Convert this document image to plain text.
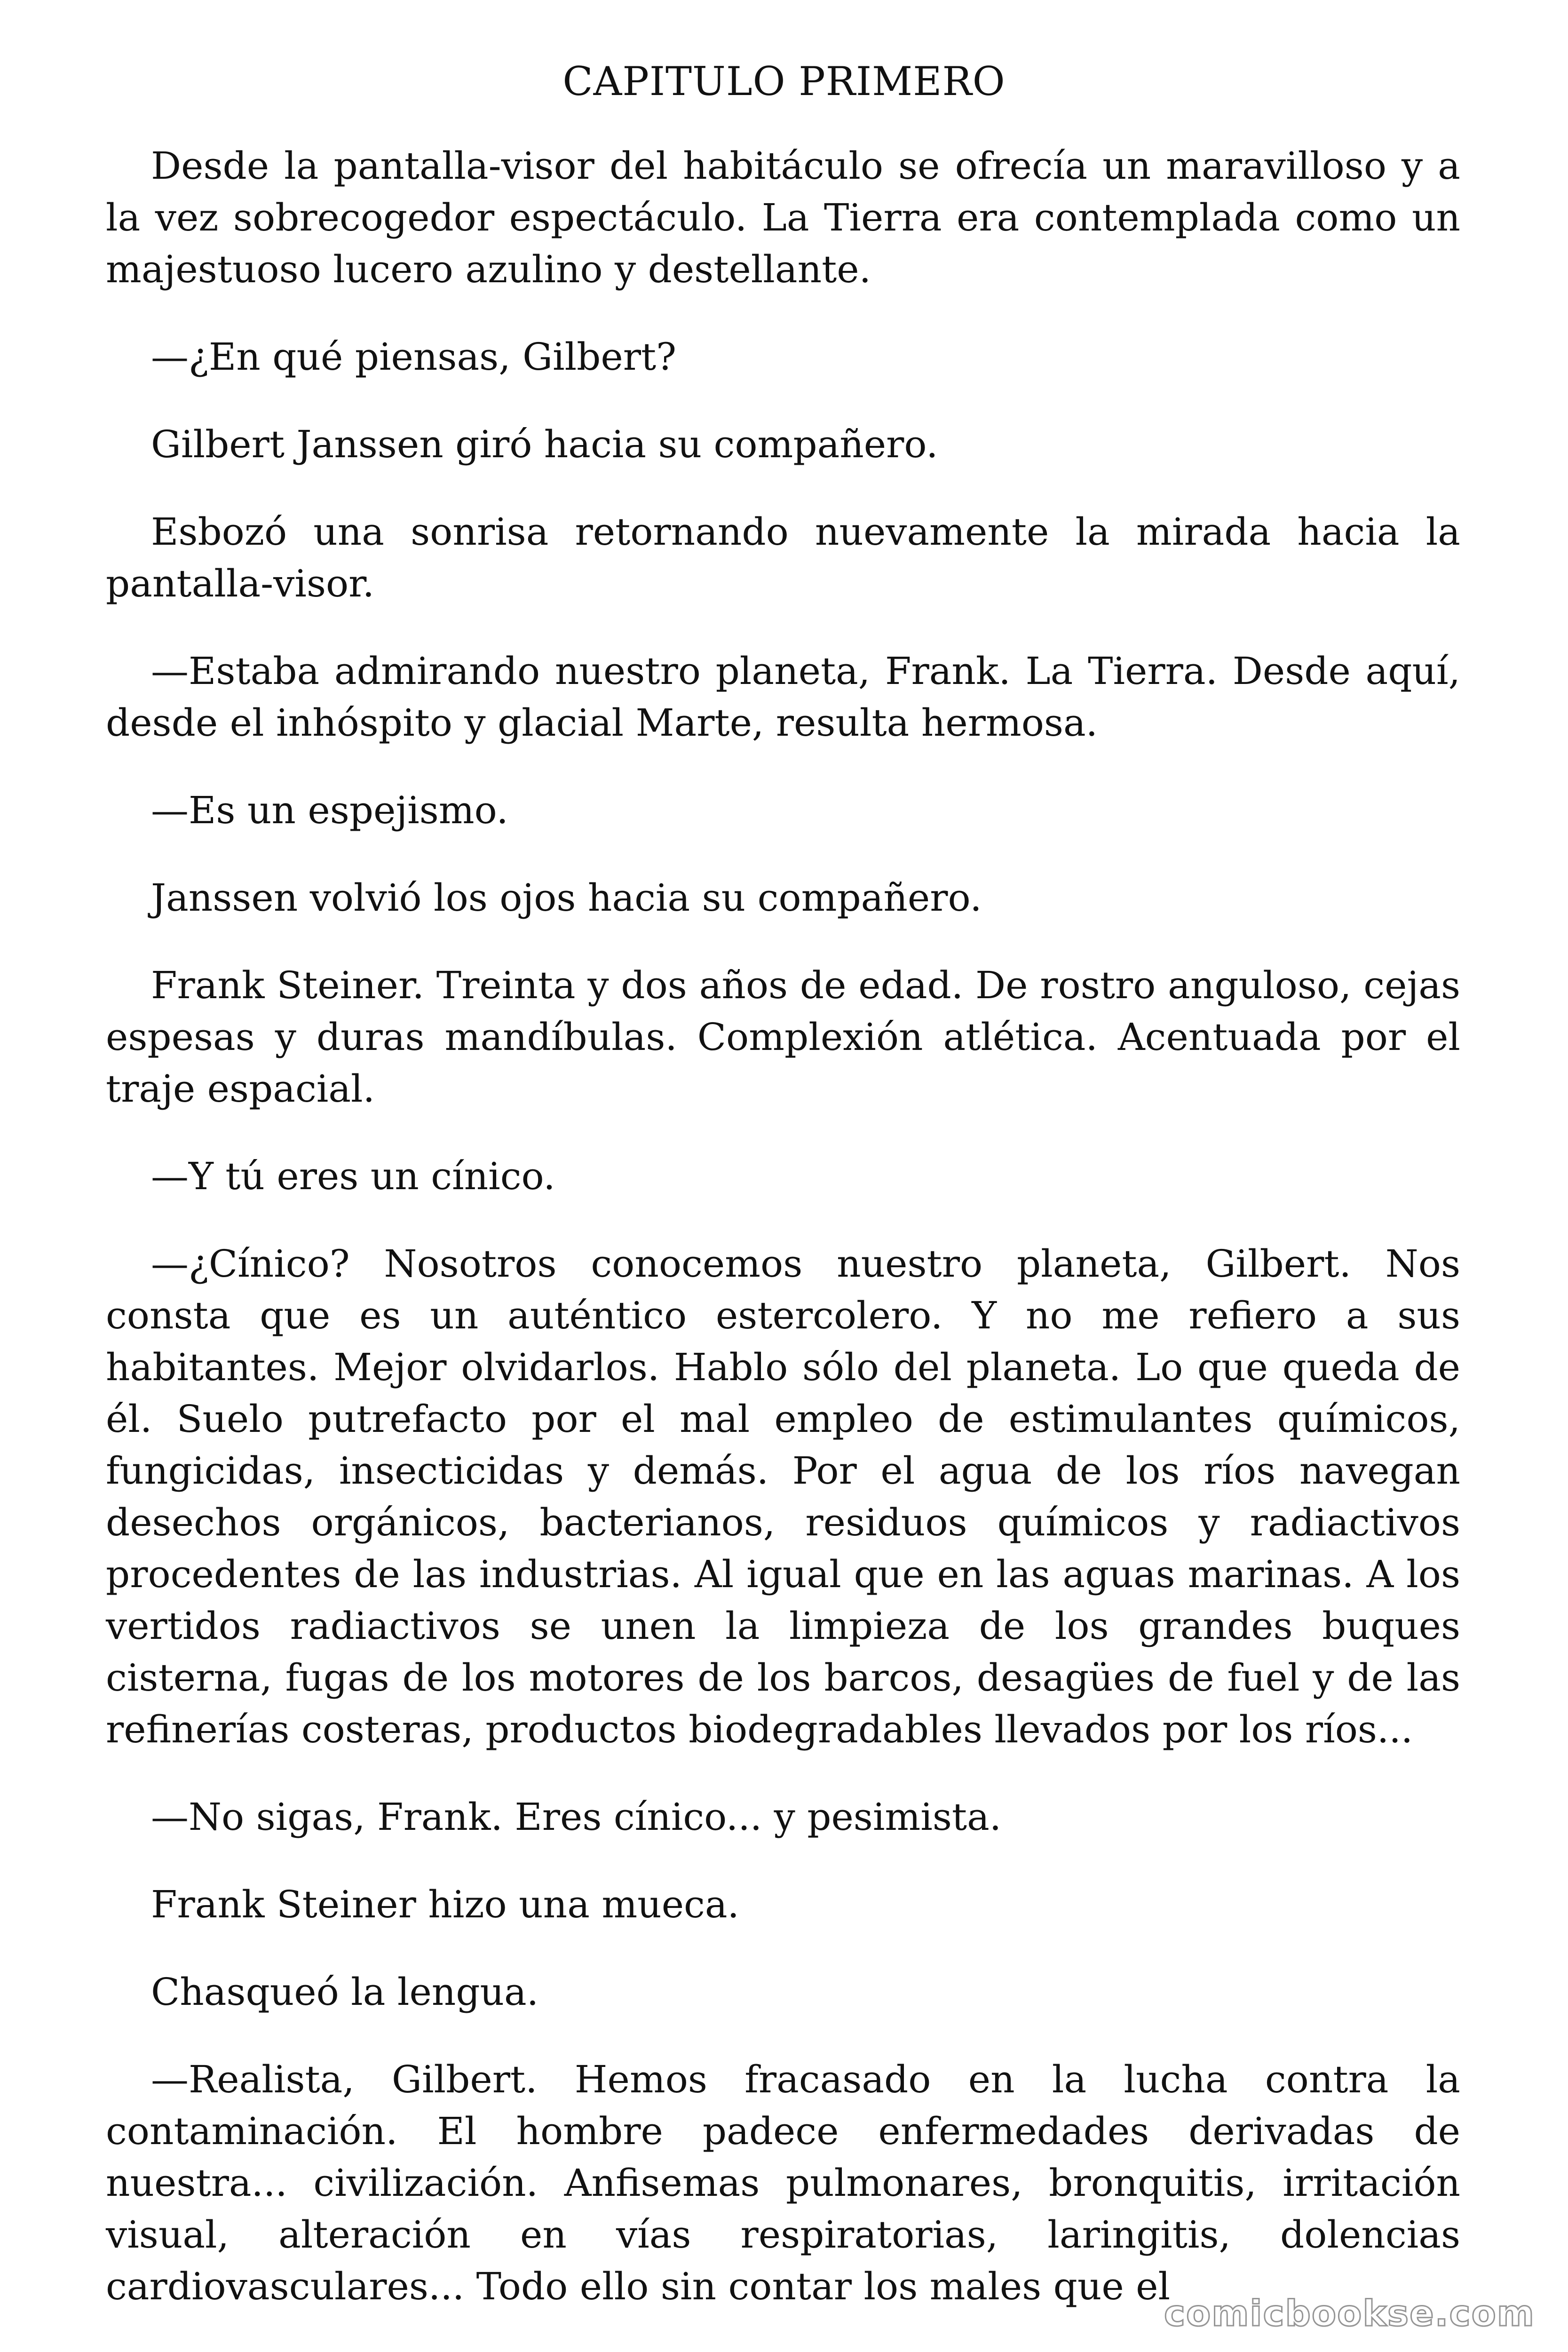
CAPITULO PRIMERO

Desde la pantalla-visor del habitáculo se ofrecía un maravilloso y a la vez sobrecogedor espectáculo. La Tierra era contemplada como un majestuoso lucero azulino y destellante.

—¿En qué piensas, Gilbert?

Gilbert Janssen giró hacia su compañero.

Esbozó una sonrisa retornando nuevamente la mirada hacia la pantalla-visor.

—Estaba admirando nuestro planeta, Frank. La Tierra. Desde aquí, desde el inhóspito y glacial Marte, resulta hermosa.

—Es un espejismo.

Janssen volvió los ojos hacia su compañero.

Frank Steiner. Treinta y dos años de edad. De rostro anguloso, cejas espesas y duras mandíbulas. Complexión atlética. Acentuada por el traje espacial.

—Y tú eres un cínico.

—¿Cínico? Nosotros conocemos nuestro planeta, Gilbert. Nos consta que es un auténtico estercolero. Y no me refiero a sus habitantes. Mejor olvidarlos. Hablo sólo del planeta. Lo que queda de él. Suelo putrefacto por el mal empleo de estimulantes químicos, fungicidas, insecticidas y demás. Por el agua de los ríos navegan desechos orgánicos, bacterianos, residuos químicos y radiactivos procedentes de las industrias. Al igual que en las aguas marinas. A los vertidos radiactivos se unen la limpieza de los grandes buques cisterna, fugas de los motores de los barcos, desagües de fuel y de las refinerías costeras, productos biodegradables llevados por los ríos...

—No sigas, Frank. Eres cínico... y pesimista.

Frank Steiner hizo una mueca.

Chasqueó la lengua.

—Realista, Gilbert. Hemos fracasado en la lucha contra la contaminación. El hombre padece enfermedades derivadas de nuestra... civilización. Anfisemas pulmonares, bronquitis, irritación visual, alteración en vías respiratorias, laringitis, dolencias cardiovasculares... Todo ello sin contar los males que el

comicbookse.com
